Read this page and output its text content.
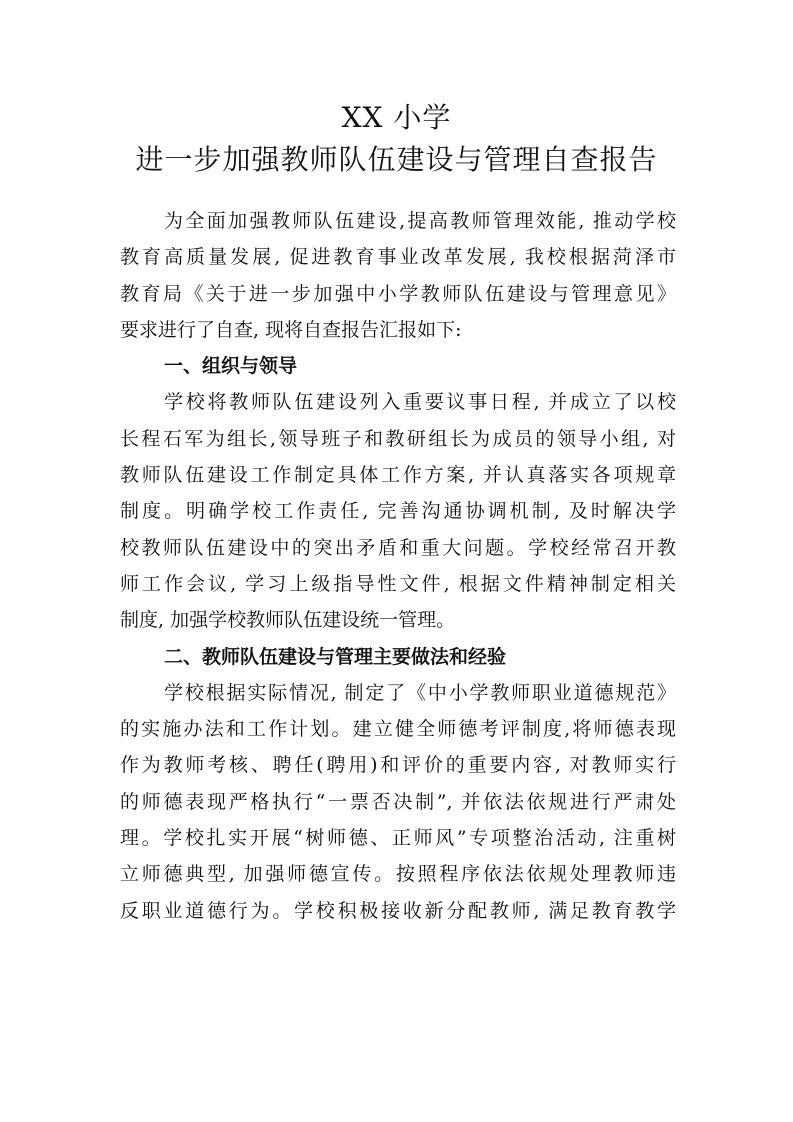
XX 小学
进一步加强教师队伍建设与管理自查报告
为全面加强教师队伍建设,提高教师管理效能, 推动学校
教育高质量发展, 促进教育事业改革发展, 我校根据菏泽市
教育局《关于进一步加强中小学教师队伍建设与管理意见》
要求进行了自查, 现将自查报告汇报如下:
一、组织与领导
学校将教师队伍建设列入重要议事日程, 并成立了以校
长程石军为组长,领导班子和教研组长为成员的领导小组, 对
教师队伍建设工作制定具体工作方案, 并认真落实各项规章
制度。明确学校工作责任, 完善沟通协调机制, 及时解决学
校教师队伍建设中的突出矛盾和重大问题。学校经常召开教
师工作会议, 学习上级指导性文件, 根据文件精神制定相关
制度, 加强学校教师队伍建设统一管理。
二、教师队伍建设与管理主要做法和经验
学校根据实际情况, 制定了《中小学教师职业道德规范》
的实施办法和工作计划。建立健全师德考评制度,将师德表现
作为教师考核、聘任(聘用)和评价的重要内容, 对教师实行
的师德表现严格执行“一票否决制”, 并依法依规进行严肃处
理。学校扎实开展“树师德、正师风”专项整治活动, 注重树
立师德典型, 加强师德宣传。按照程序依法依规处理教师违
反职业道德行为。学校积极接收新分配教师, 满足教育教学
